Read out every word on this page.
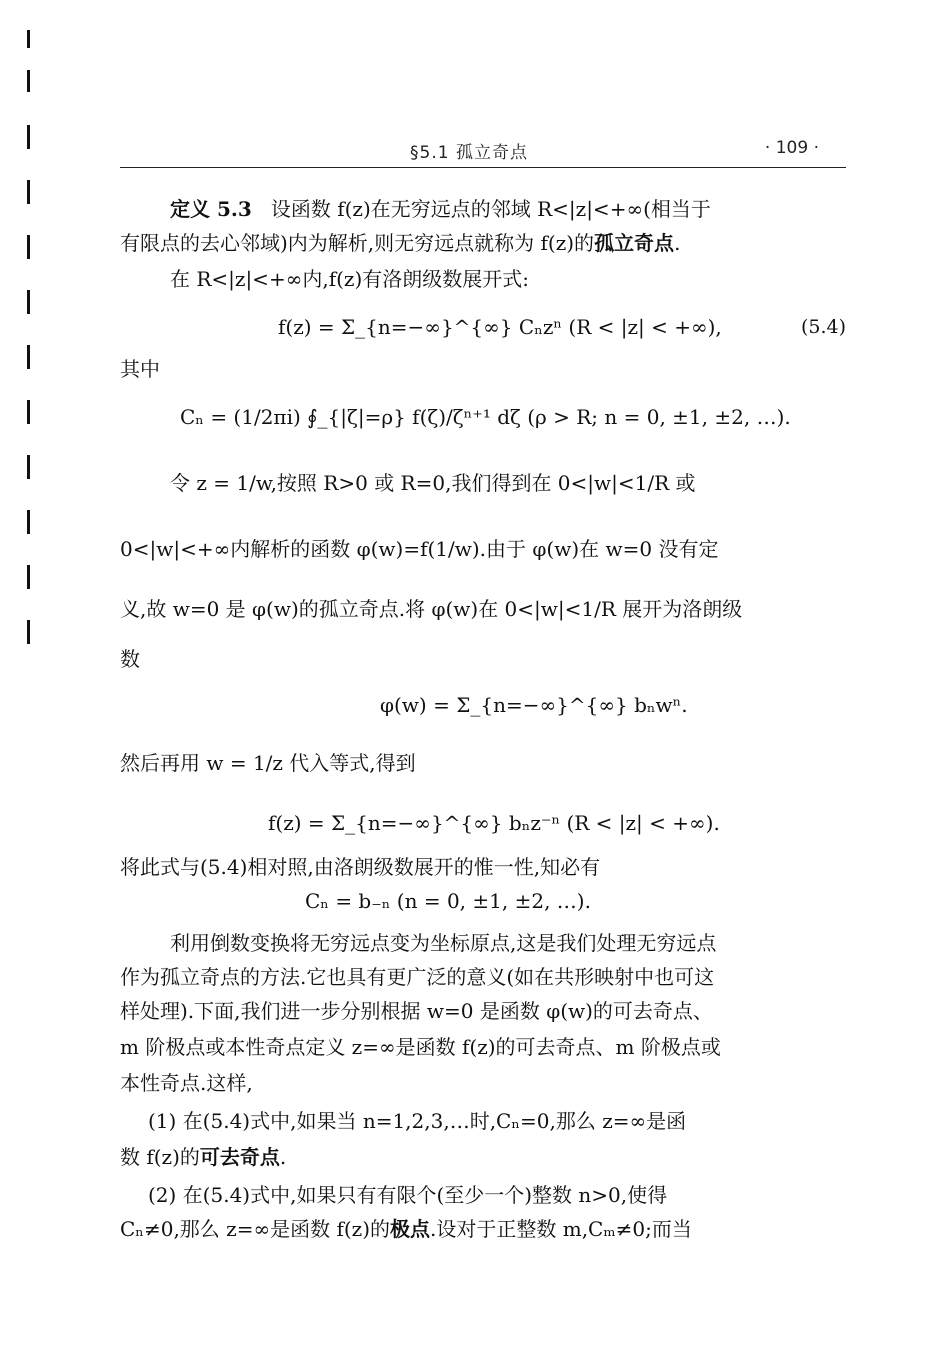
§5.1 孤立奇点	· 109 ·
定义 5.3 设函数 f(z)在无穷远点的邻域 R<|z|<+∞(相当于
有限点的去心邻域)内为解析,则无穷远点就称为 f(z)的孤立奇点.
在 R<|z|<+∞内,f(z)有洛朗级数展开式:
f(z) = Σ_{n=−∞}^{∞} Cₙzⁿ (R < |z| < +∞),	(5.4)
其中
Cₙ = (1/2πi) ∮_{|ζ|=ρ} f(ζ)/ζⁿ⁺¹ dζ (ρ > R; n = 0, ±1, ±2, …).
令 z = 1/w,按照 R>0 或 R=0,我们得到在 0<|w|<1/R 或
0<|w|<+∞内解析的函数 φ(w)=f(1/w).由于 φ(w)在 w=0 没有定
义,故 w=0 是 φ(w)的孤立奇点.将 φ(w)在 0<|w|<1/R 展开为洛朗级
数
φ(w) = Σ_{n=−∞}^{∞} bₙwⁿ.
然后再用 w = 1/z 代入等式,得到
f(z) = Σ_{n=−∞}^{∞} bₙz⁻ⁿ (R < |z| < +∞).
将此式与(5.4)相对照,由洛朗级数展开的惟一性,知必有
Cₙ = b₋ₙ (n = 0, ±1, ±2, …).
利用倒数变换将无穷远点变为坐标原点,这是我们处理无穷远点
作为孤立奇点的方法.它也具有更广泛的意义(如在共形映射中也可这
样处理).下面,我们进一步分别根据 w=0 是函数 φ(w)的可去奇点、
m 阶极点或本性奇点定义 z=∞是函数 f(z)的可去奇点、m 阶极点或
本性奇点.这样,
(1) 在(5.4)式中,如果当 n=1,2,3,…时,Cₙ=0,那么 z=∞是函
数 f(z)的可去奇点.
(2) 在(5.4)式中,如果只有有限个(至少一个)整数 n>0,使得
Cₙ≠0,那么 z=∞是函数 f(z)的极点.设对于正整数 m,Cₘ≠0;而当
